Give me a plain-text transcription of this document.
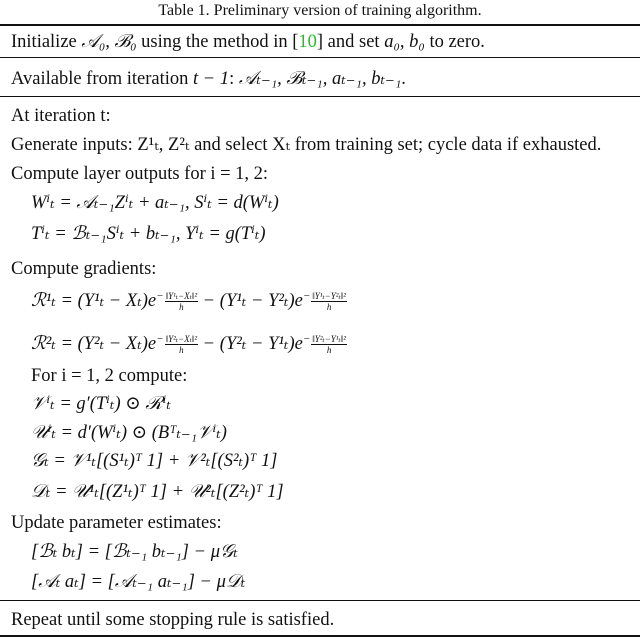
Table 1. Preliminary version of training algorithm.
Initialize 𝒜₀, ℬ₀ using the method in [10] and set a₀, b₀ to zero.
Available from iteration t − 1: 𝒜ₜ₋₁, ℬₜ₋₁, aₜ₋₁, bₜ₋₁.
At iteration t:
Generate inputs: Z¹ₜ, Z²ₜ and select Xₜ from training set; cycle data if exhausted.
Compute layer outputs for i = 1, 2:
Wⁱₜ = 𝒜ₜ₋₁Zⁱₜ + aₜ₋₁, Sⁱₜ = d(Wⁱₜ)
Tⁱₜ = ℬₜ₋₁Sⁱₜ + bₜ₋₁, Yⁱₜ = g(Tⁱₜ)
Compute gradients:
ℛ¹ₜ = $(Y^1_t - X_t)e^- \frac{\text{‖Y¹ₜ−Xₜ‖²}}{h} - (Y^1_t - Y^2_t)e^- \frac{\text{‖Y¹ₜ−Y²ₜ‖²}}{h}$
ℛ²ₜ = $(Y^2_t - X_t)e^- \frac{\text{‖Y²ₜ−Xₜ‖²}}{h} - (Y^2_t - Y^1_t)e^- \frac{\text{‖Y²ₜ−Y¹ₜ‖²}}{h}$
For i = 1, 2 compute:
𝒱ⁱₜ = g′(Tⁱₜ) ⊙ ℛⁱₜ
𝒰ⁱₜ = d′(Wⁱₜ) ⊙ (Bᵀₜ₋₁𝒱ⁱₜ)
𝒢ₜ = 𝒱¹ₜ[(S¹ₜ)ᵀ 1] + 𝒱²ₜ[(S²ₜ)ᵀ 1]
𝒟ₜ = 𝒰¹ₜ[(Z¹ₜ)ᵀ 1] + 𝒰²ₜ[(Z²ₜ)ᵀ 1]
Update parameter estimates:
[ℬₜ bₜ] = [ℬₜ₋₁ bₜ₋₁] − μ𝒢ₜ
[𝒜ₜ aₜ] = [𝒜ₜ₋₁ aₜ₋₁] − μ𝒟ₜ
Repeat until some stopping rule is satisfied.
